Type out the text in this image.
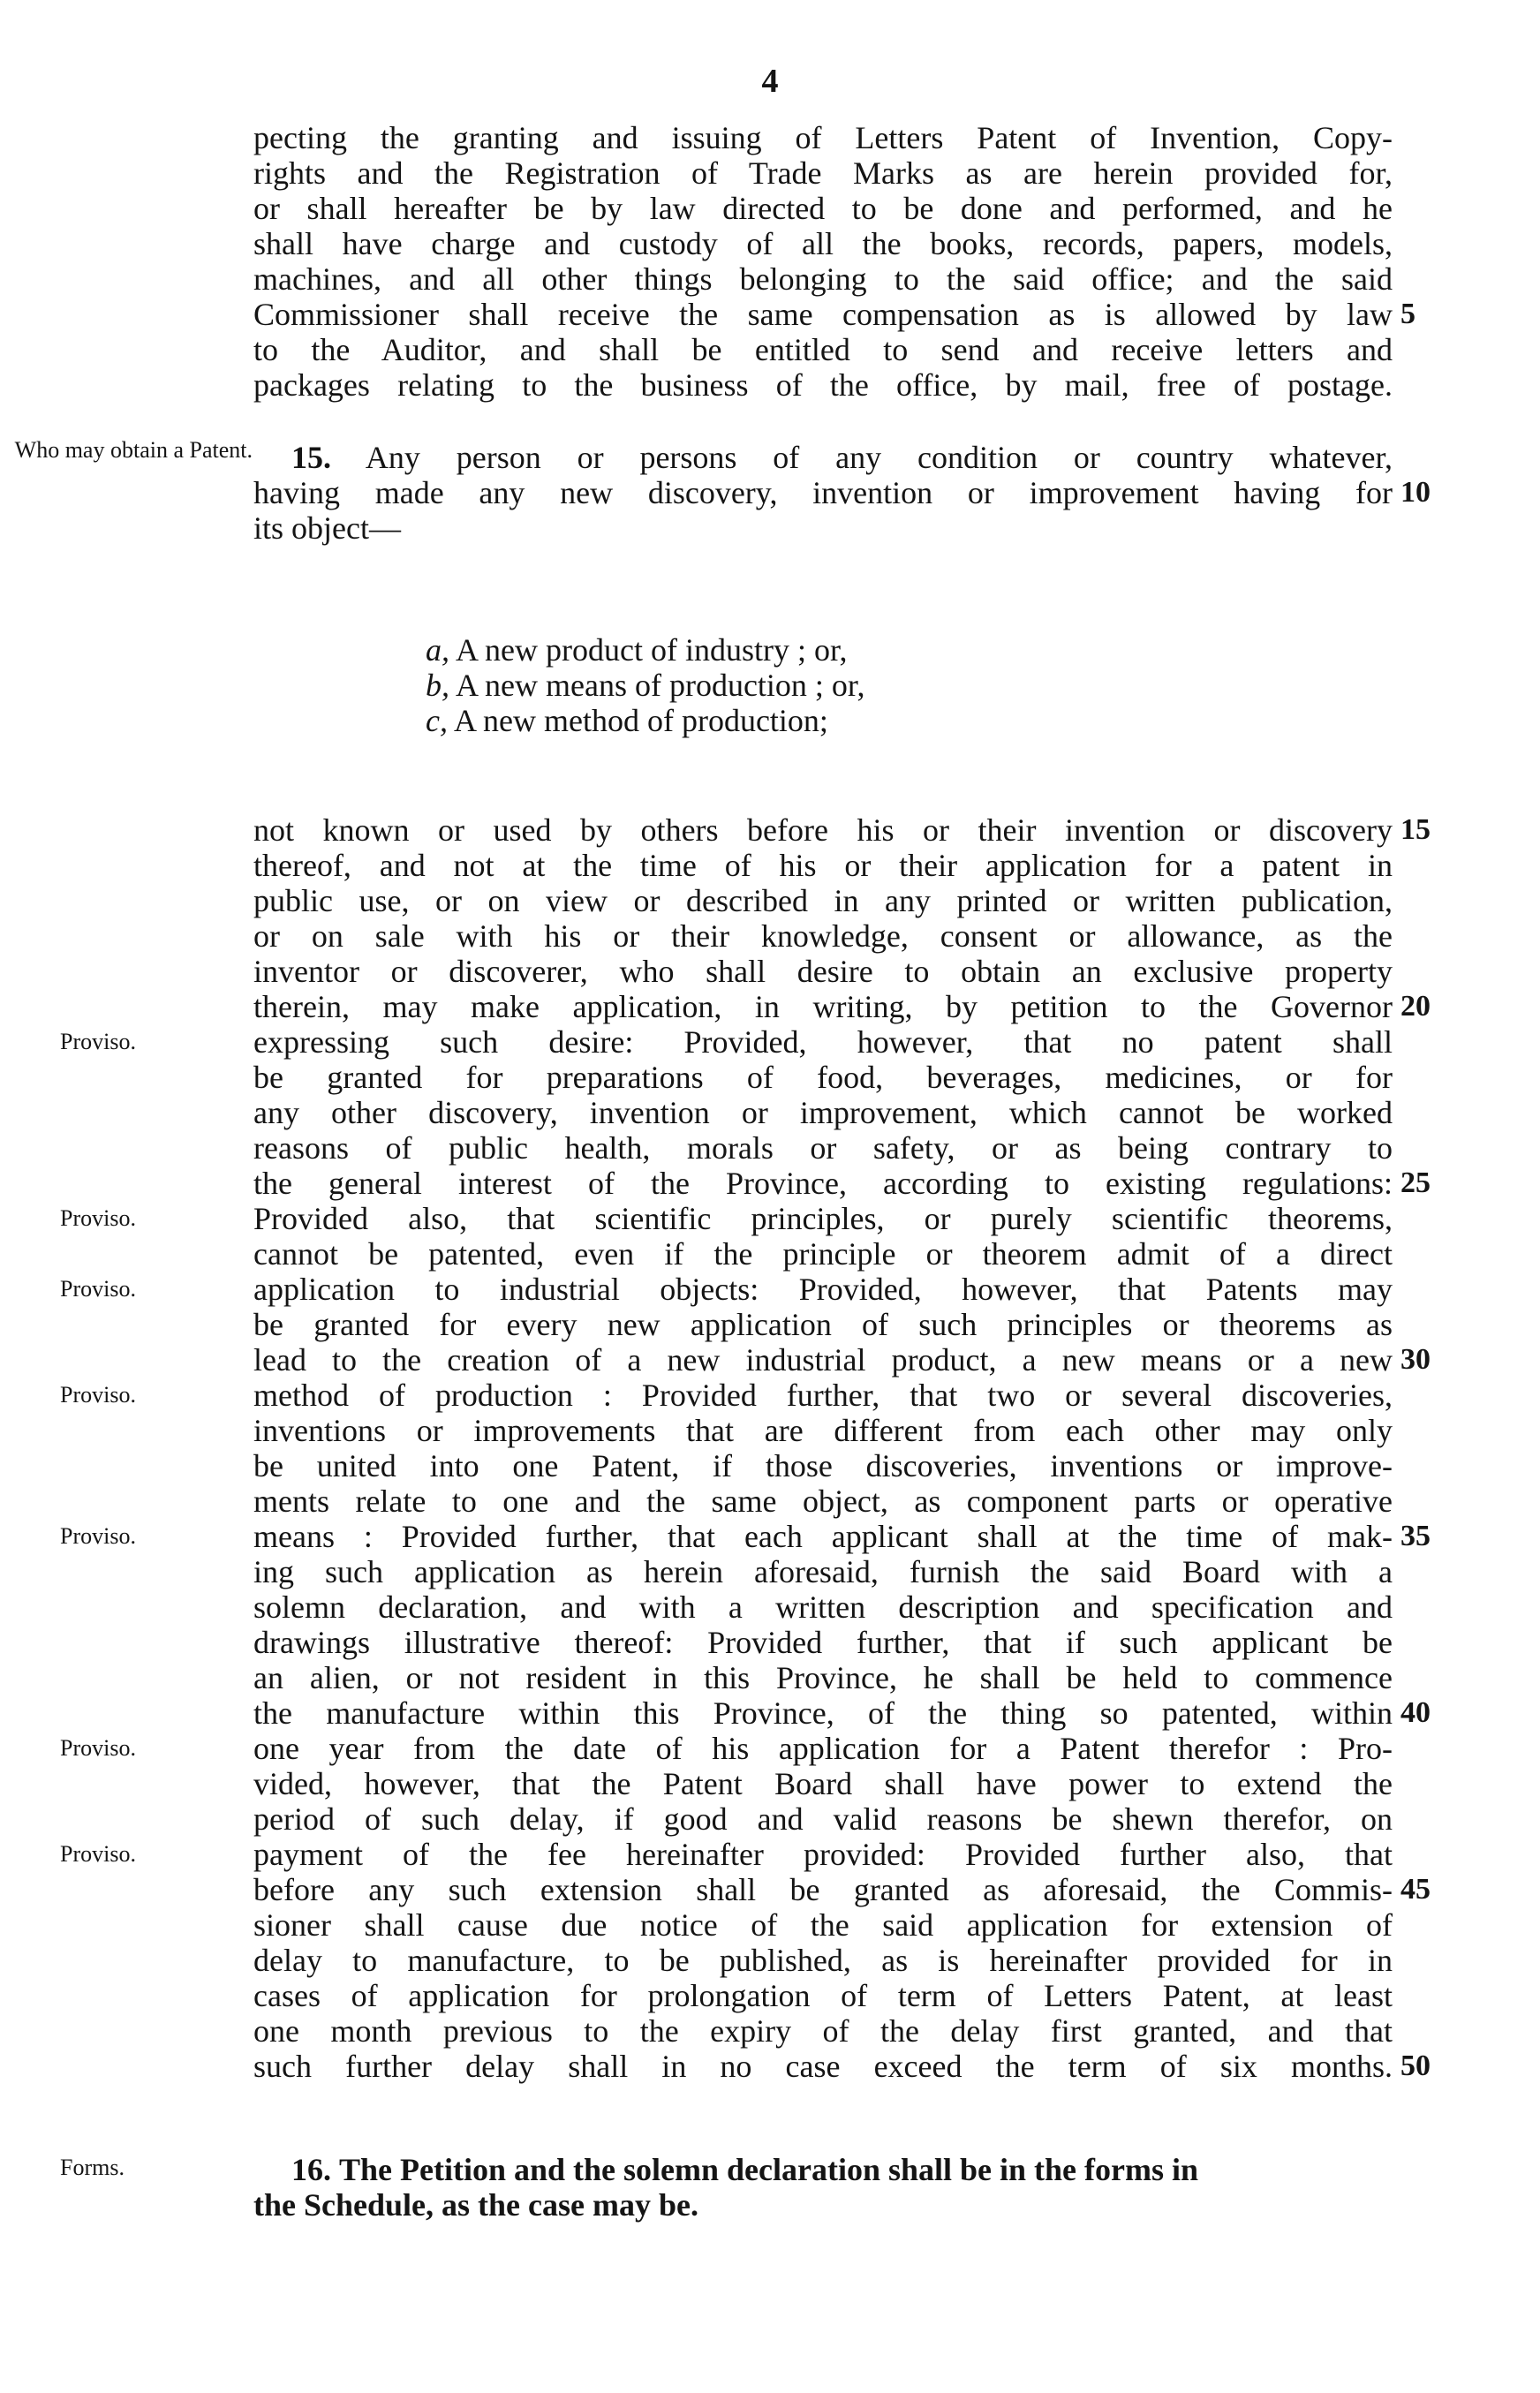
4
pecting the granting and issuing of Letters Patent of Invention, Copy-
rights and the Registration of Trade Marks as are herein provided for,
or shall hereafter be by law directed to be done and performed, and he
shall have charge and custody of all the books, records, papers, models,
machines, and all other things belonging to the said office; and the said
Commissioner shall receive the same compensation as is allowed by law
to the Auditor, and shall be entitled to send and receive letters and
packages relating to the business of the office, by mail, free of postage.
Who may obtain a Patent. 15. Any person or persons of any condition or country whatever,
having made any new discovery, invention or improvement having for
its object—
a, A new product of industry ; or,
b, A new means of production ; or,
c, A new method of production;
not known or used by others before his or their invention or discovery
thereof, and not at the time of his or their application for a patent in
public use, or on view or described in any printed or written publication,
or on sale with his or their knowledge, consent or allowance, as the
inventor or discoverer, who shall desire to obtain an exclusive property
therein, may make application, in writing, by petition to the Governor
expressing such desire: Provided, however, that no patent shall
be granted for preparations of food, beverages, medicines, or for
any other discovery, invention or improvement, which cannot be worked
reasons of public health, morals or safety, or as being contrary to
the general interest of the Province, according to existing regulations:
Provided also, that scientific principles, or purely scientific theorems,
cannot be patented, even if the principle or theorem admit of a direct
application to industrial objects: Provided, however, that Patents may
be granted for every new application of such principles or theorems as
lead to the creation of a new industrial product, a new means or a new
method of production : Provided further, that two or several discoveries,
inventions or improvements that are different from each other may only
be united into one Patent, if those discoveries, inventions or improve-
ments relate to one and the same object, as component parts or operative
means : Provided further, that each applicant shall at the time of mak-
ing such application as herein aforesaid, furnish the said Board with a
solemn declaration, and with a written description and specification and
drawings illustrative thereof: Provided further, that if such applicant be
an alien, or not resident in this Province, he shall be held to commence
the manufacture within this Province, of the thing so patented, within
one year from the date of his application for a Patent therefor : Pro-
vided, however, that the Patent Board shall have power to extend the
period of such delay, if good and valid reasons be shewn therefor, on
payment of the fee hereinafter provided: Provided further also, that
before any such extension shall be granted as aforesaid, the Commis-
sioner shall cause due notice of the said application for extension of
delay to manufacture, to be published, as is hereinafter provided for in
cases of application for prolongation of term of Letters Patent, at least
one month previous to the expiry of the delay first granted, and that
such further delay shall in no case exceed the term of six months.
Proviso.
Proviso.
Proviso.
Proviso.
Proviso.
Proviso.
Proviso.
5
10
15
20
25
30
35
40
45
50
Forms.	16. The Petition and the solemn declaration shall be in the forms in
the Schedule, as the case may be.
